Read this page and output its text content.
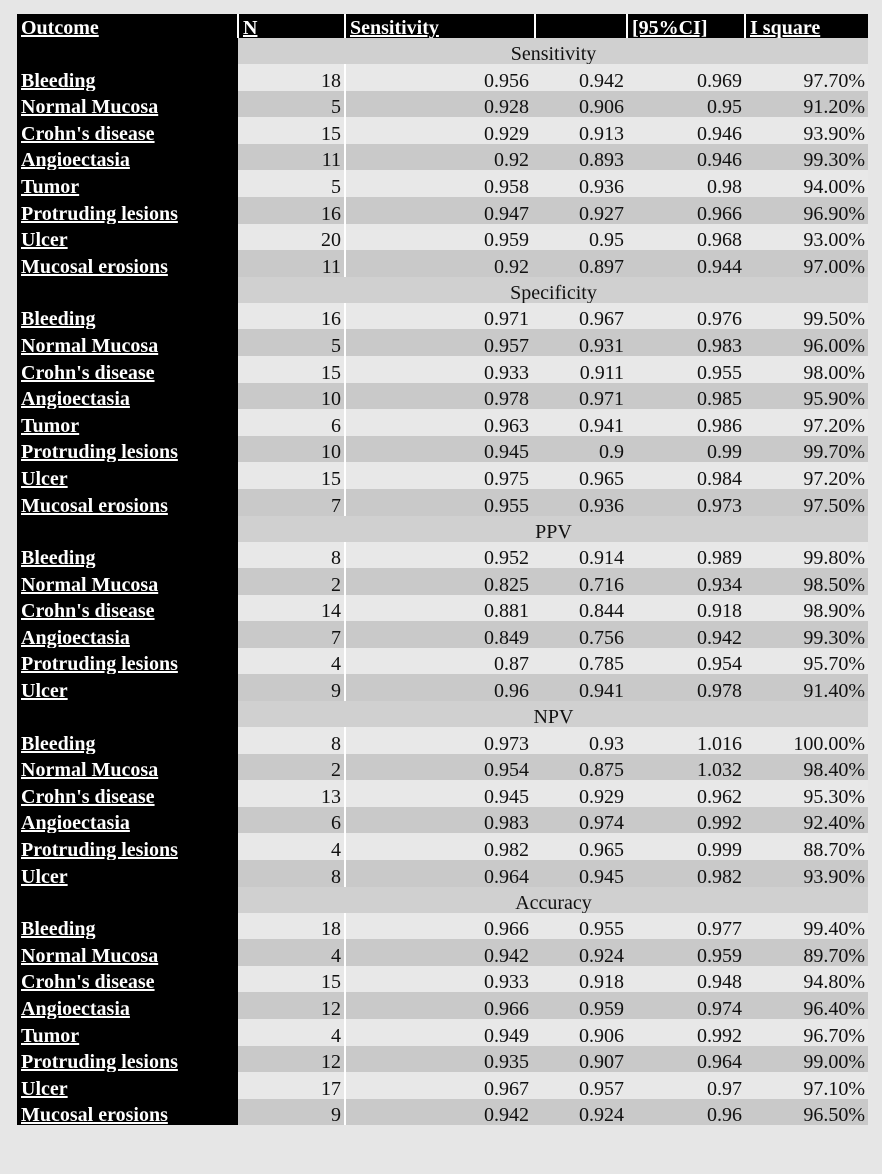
Outcome	N	Sensitivity		[95%CI]	I square
	Sensitivity				
Bleeding	18	0.956	0.942	0.969	97.70%
Normal Mucosa	5	0.928	0.906	0.95	91.20%
Crohn's disease	15	0.929	0.913	0.946	93.90%
Angioectasia	11	0.92	0.893	0.946	99.30%
Tumor	5	0.958	0.936	0.98	94.00%
Protruding lesions	16	0.947	0.927	0.966	96.90%
Ulcer	20	0.959	0.95	0.968	93.00%
Mucosal erosions	11	0.92	0.897	0.944	97.00%
	Specificity				
Bleeding	16	0.971	0.967	0.976	99.50%
Normal Mucosa	5	0.957	0.931	0.983	96.00%
Crohn's disease	15	0.933	0.911	0.955	98.00%
Angioectasia	10	0.978	0.971	0.985	95.90%
Tumor	6	0.963	0.941	0.986	97.20%
Protruding lesions	10	0.945	0.9	0.99	99.70%
Ulcer	15	0.975	0.965	0.984	97.20%
Mucosal erosions	7	0.955	0.936	0.973	97.50%
	PPV				
Bleeding	8	0.952	0.914	0.989	99.80%
Normal Mucosa	2	0.825	0.716	0.934	98.50%
Crohn's disease	14	0.881	0.844	0.918	98.90%
Angioectasia	7	0.849	0.756	0.942	99.30%
Protruding lesions	4	0.87	0.785	0.954	95.70%
Ulcer	9	0.96	0.941	0.978	91.40%
	NPV				
Bleeding	8	0.973	0.93	1.016	100.00%
Normal Mucosa	2	0.954	0.875	1.032	98.40%
Crohn's disease	13	0.945	0.929	0.962	95.30%
Angioectasia	6	0.983	0.974	0.992	92.40%
Protruding lesions	4	0.982	0.965	0.999	88.70%
Ulcer	8	0.964	0.945	0.982	93.90%
	Accuracy				
Bleeding	18	0.966	0.955	0.977	99.40%
Normal Mucosa	4	0.942	0.924	0.959	89.70%
Crohn's disease	15	0.933	0.918	0.948	94.80%
Angioectasia	12	0.966	0.959	0.974	96.40%
Tumor	4	0.949	0.906	0.992	96.70%
Protruding lesions	12	0.935	0.907	0.964	99.00%
Ulcer	17	0.967	0.957	0.97	97.10%
Mucosal erosions	9	0.942	0.924	0.96	96.50%
